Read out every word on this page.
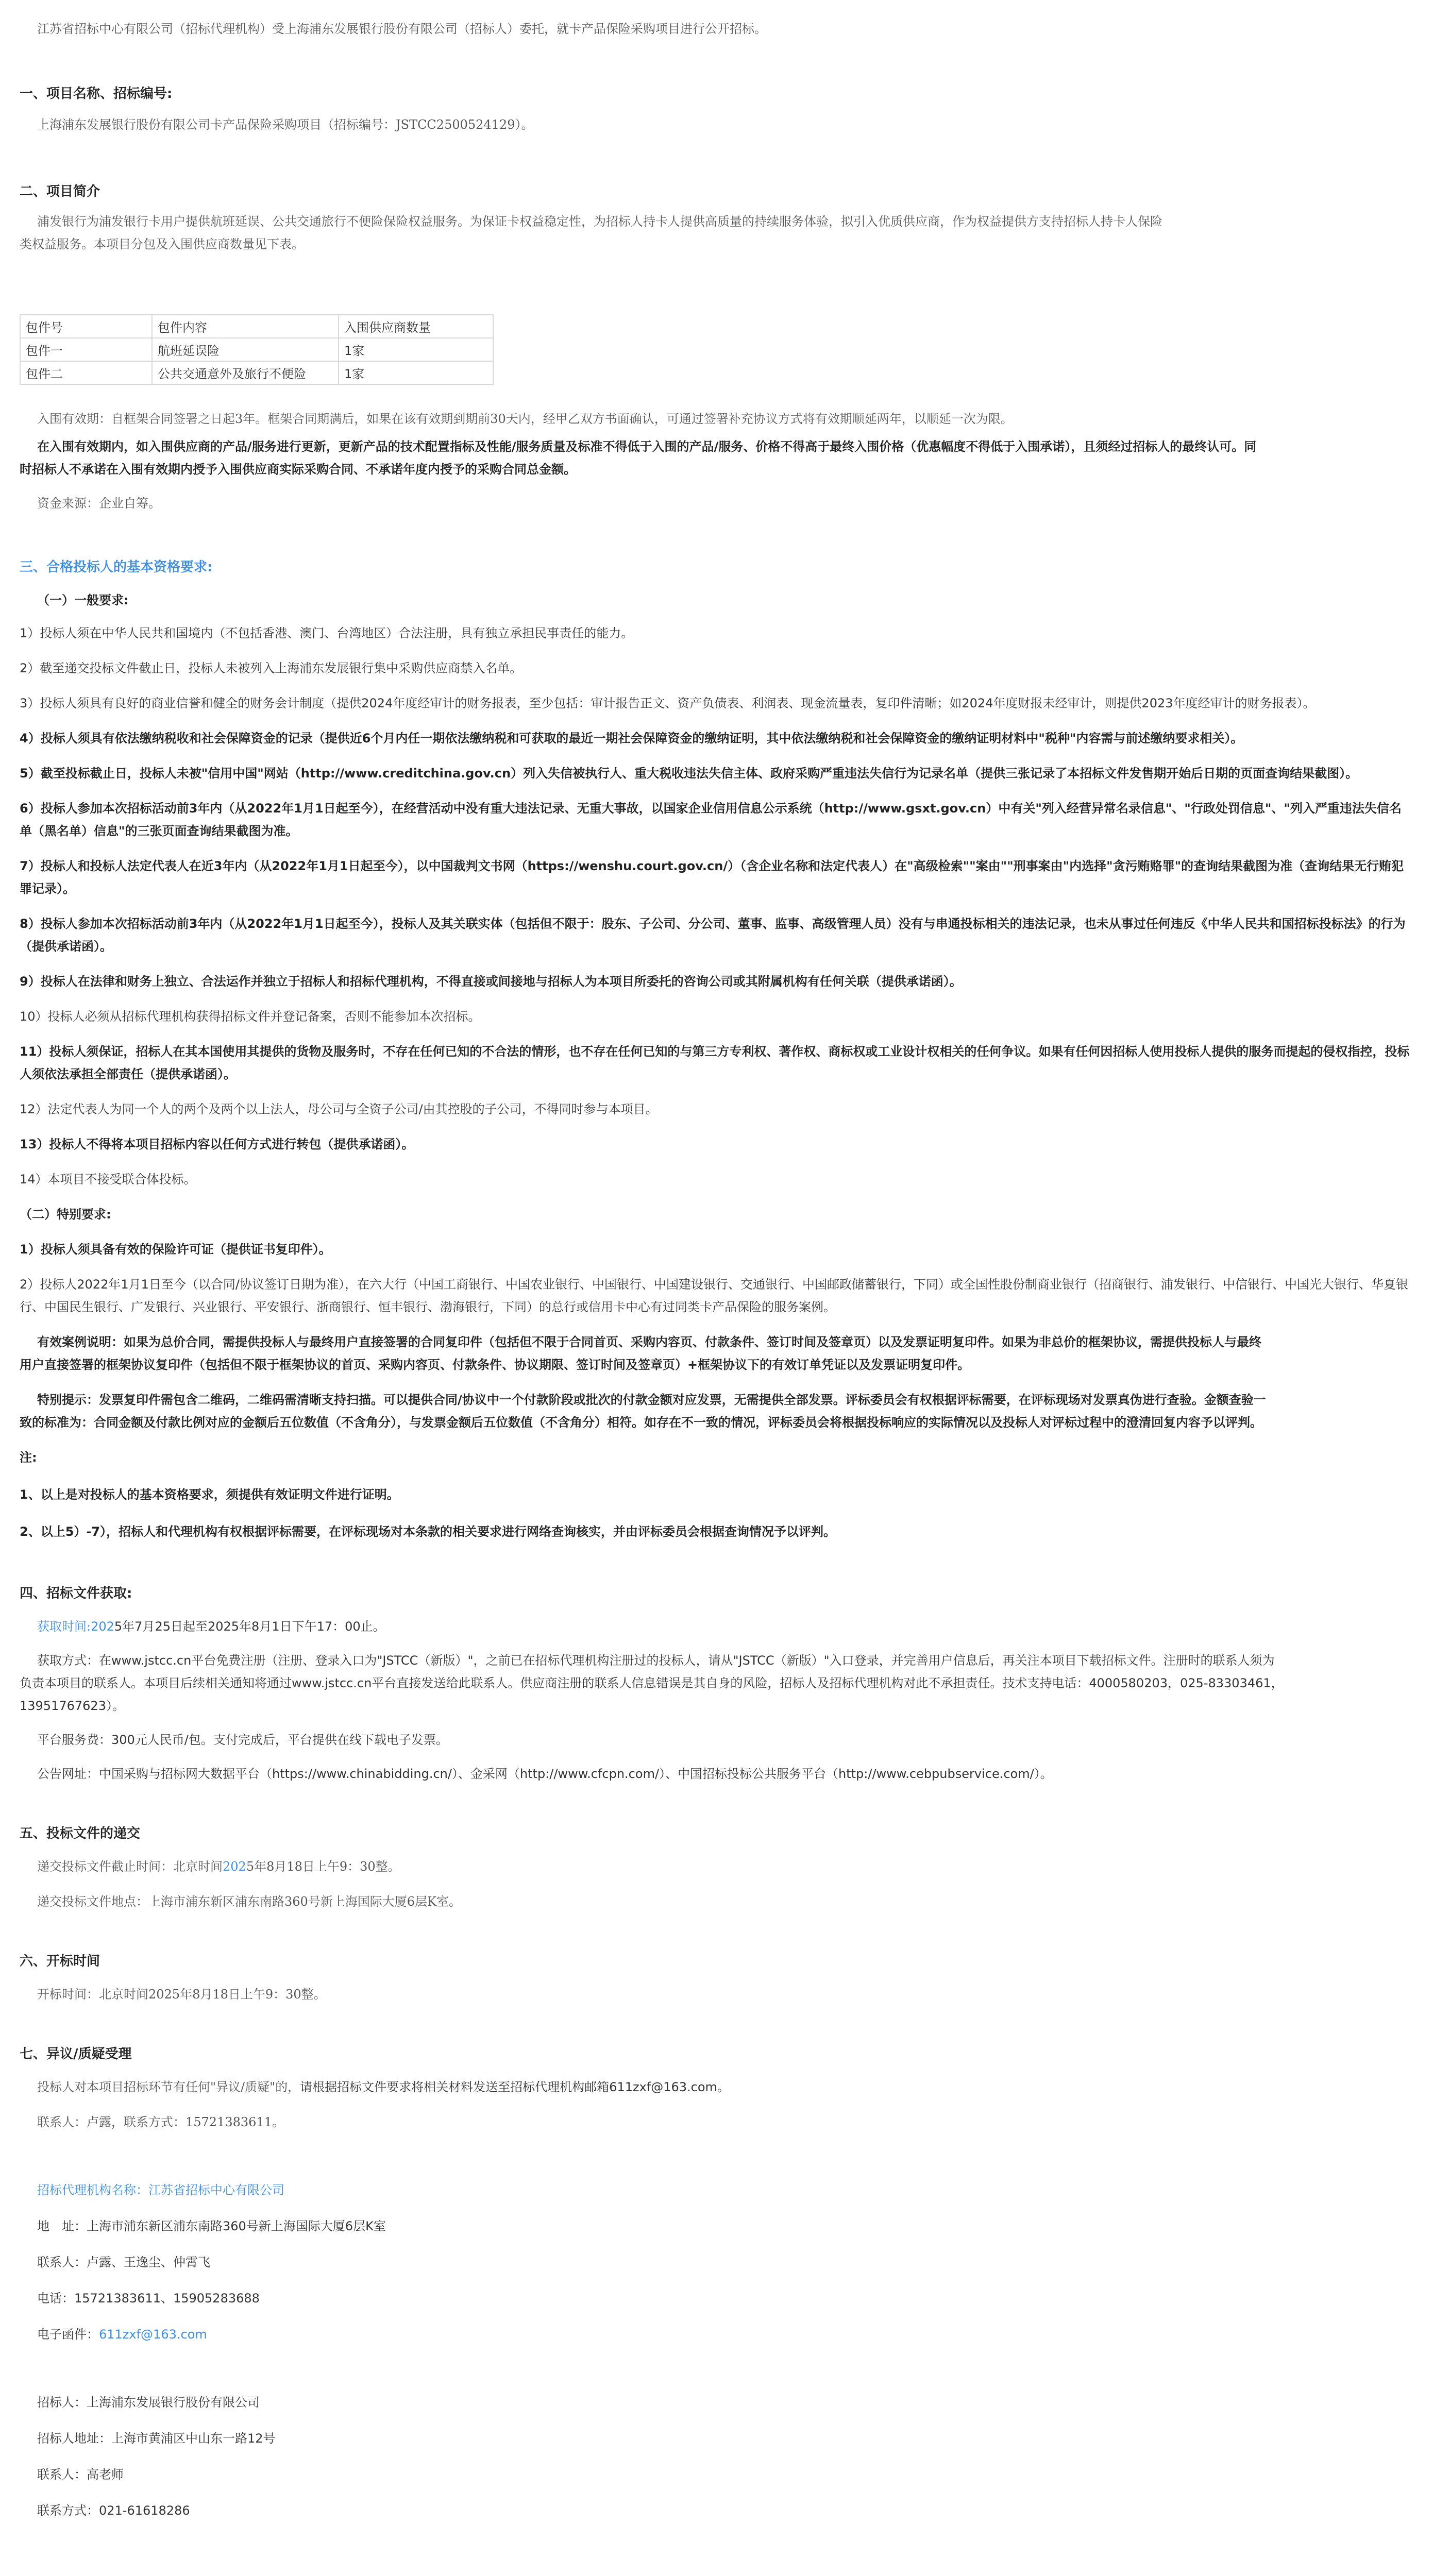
江苏省招标中心有限公司（招标代理机构）受上海浦东发展银行股份有限公司（招标人）委托，就卡产品保险采购项目进行公开招标。

一、项目名称、招标编号:

上海浦东发展银行股份有限公司卡产品保险采购项目（招标编号：JSTCC2500524129）。

二、项目简介

浦发银行为浦发银行卡用户提供航班延误、公共交通旅行不便险保险权益服务。为保证卡权益稳定性，为招标人持卡人提供高质量的持续服务体验，拟引入优质供应商，作为权益提供方支持招标人持卡人保险

类权益服务。本项目分包及入围供应商数量见下表。

包件号	包件内容	入围供应商数量
包件一	航班延误险	1家
包件二	公共交通意外及旅行不便险	1家

入围有效期：自框架合同签署之日起3年。框架合同期满后，如果在该有效期到期前30天内，经甲乙双方书面确认，可通过签署补充协议方式将有效期顺延两年，以顺延一次为限。

在入围有效期内，如入围供应商的产品/服务进行更新，更新产品的技术配置指标及性能/服务质量及标准不得低于入围的产品/服务、价格不得高于最终入围价格（优惠幅度不得低于入围承诺），且须经过招标人的最终认可。同

时招标人不承诺在入围有效期内授予入围供应商实际采购合同、不承诺年度内授予的采购合同总金额。

资金来源：企业自筹。

三、合格投标人的基本资格要求:

（一）一般要求:

1）投标人须在中华人民共和国境内（不包括香港、澳门、台湾地区）合法注册，具有独立承担民事责任的能力。

2）截至递交投标文件截止日，投标人未被列入上海浦东发展银行集中采购供应商禁入名单。

3）投标人须具有良好的商业信誉和健全的财务会计制度（提供2024年度经审计的财务报表，至少包括：审计报告正文、资产负债表、利润表、现金流量表，复印件清晰；如2024年度财报未经审计，则提供2023年度经审计的财务报表）。

4）投标人须具有依法缴纳税收和社会保障资金的记录（提供近6个月内任一期依法缴纳税和可获取的最近一期社会保障资金的缴纳证明，其中依法缴纳税和社会保障资金的缴纳证明材料中"税种"内容需与前述缴纳要求相关）。

5）截至投标截止日，投标人未被"信用中国"网站（http://www.creditchina.gov.cn）列入失信被执行人、重大税收违法失信主体、政府采购严重违法失信行为记录名单（提供三张记录了本招标文件发售期开始后日期的页面查询结果截图）。

6）投标人参加本次招标活动前3年内（从2022年1月1日起至今），在经营活动中没有重大违法记录、无重大事故，以国家企业信用信息公示系统（http://www.gsxt.gov.cn）中有关"列入经营异常名录信息"、"行政处罚信息"、"列入严重违法失信名单（黑名单）信息"的三张页面查询结果截图为准。

7）投标人和投标人法定代表人在近3年内（从2022年1月1日起至今），以中国裁判文书网（https://wenshu.court.gov.cn/）（含企业名称和法定代表人）在"高级检索""案由""刑事案由"内选择"贪污贿赂罪"的查询结果截图为准（查询结果无行贿犯罪记录）。

8）投标人参加本次招标活动前3年内（从2022年1月1日起至今），投标人及其关联实体（包括但不限于：股东、子公司、分公司、董事、监事、高级管理人员）没有与串通投标相关的违法记录，也未从事过任何违反《中华人民共和国招标投标法》的行为（提供承诺函）。

9）投标人在法律和财务上独立、合法运作并独立于招标人和招标代理机构，不得直接或间接地与招标人为本项目所委托的咨询公司或其附属机构有任何关联（提供承诺函）。

10）投标人必须从招标代理机构获得招标文件并登记备案，否则不能参加本次招标。

11）投标人须保证，招标人在其本国使用其提供的货物及服务时，不存在任何已知的不合法的情形，也不存在任何已知的与第三方专利权、著作权、商标权或工业设计权相关的任何争议。如果有任何因招标人使用投标人提供的服务而提起的侵权指控，投标人须依法承担全部责任（提供承诺函）。

12）法定代表人为同一个人的两个及两个以上法人，母公司与全资子公司/由其控股的子公司，不得同时参与本项目。

13）投标人不得将本项目招标内容以任何方式进行转包（提供承诺函）。

14）本项目不接受联合体投标。

（二）特别要求:

1）投标人须具备有效的保险许可证（提供证书复印件）。

2）投标人2022年1月1日至今（以合同/协议签订日期为准），在六大行（中国工商银行、中国农业银行、中国银行、中国建设银行、交通银行、中国邮政储蓄银行，下同）或全国性股份制商业银行（招商银行、浦发银行、中信银行、中国光大银行、华夏银行、中国民生银行、广发银行、兴业银行、平安银行、浙商银行、恒丰银行、渤海银行，下同）的总行或信用卡中心有过同类卡产品保险的服务案例。

有效案例说明：如果为总价合同，需提供投标人与最终用户直接签署的合同复印件（包括但不限于合同首页、采购内容页、付款条件、签订时间及签章页）以及发票证明复印件。如果为非总价的框架协议，需提供投标人与最终

用户直接签署的框架协议复印件（包括但不限于框架协议的首页、采购内容页、付款条件、协议期限、签订时间及签章页）+框架协议下的有效订单凭证以及发票证明复印件。

特别提示：发票复印件需包含二维码，二维码需清晰支持扫描。可以提供合同/协议中一个付款阶段或批次的付款金额对应发票，无需提供全部发票。评标委员会有权根据评标需要，在评标现场对发票真伪进行查验。金额查验一

致的标准为：合同金额及付款比例对应的金额后五位数值（不含角分），与发票金额后五位数值（不含角分）相符。如存在不一致的情况，评标委员会将根据投标响应的实际情况以及投标人对评标过程中的澄清回复内容予以评判。

注:

1、以上是对投标人的基本资格要求，须提供有效证明文件进行证明。

2、以上5）-7），招标人和代理机构有权根据评标需要，在评标现场对本条款的相关要求进行网络查询核实，并由评标委员会根据查询情况予以评判。

四、招标文件获取:

获取时间:2025年7月25日起至2025年8月1日下午17：00止。

获取方式：在www.jstcc.cn平台免费注册（注册、登录入口为"JSTCC（新版）"，之前已在招标代理机构注册过的投标人，请从"JSTCC（新版）"入口登录，并完善用户信息后，再关注本项目下载招标文件。注册时的联系人须为

负责本项目的联系人。本项目后续相关通知将通过www.jstcc.cn平台直接发送给此联系人。供应商注册的联系人信息错误是其自身的风险，招标人及招标代理机构对此不承担责任。技术支持电话：4000580203，025-83303461，

13951767623）。

平台服务费：300元人民币/包。支付完成后，平台提供在线下载电子发票。

公告网址：中国采购与招标网大数据平台（https://www.chinabidding.cn/）、金采网（http://www.cfcpn.com/）、中国招标投标公共服务平台（http://www.cebpubservice.com/）。

五、投标文件的递交

递交投标文件截止时间：北京时间2025年8月18日上午9：30整。

递交投标文件地点：上海市浦东新区浦东南路360号新上海国际大厦6层K室。

六、开标时间

开标时间：北京时间2025年8月18日上午9：30整。

七、异议/质疑受理

投标人对本项目招标环节有任何"异议/质疑"的，请根据招标文件要求将相关材料发送至招标代理机构邮箱611zxf@163.com。

联系人：卢露，联系方式：15721383611。

招标代理机构名称：江苏省招标中心有限公司

地　址：上海市浦东新区浦东南路360号新上海国际大厦6层K室

联系人：卢露、王逸尘、仲霄飞

电话：15721383611、15905283688

电子函件：611zxf@163.com

招标人：上海浦东发展银行股份有限公司

招标人地址：上海市黄浦区中山东一路12号

联系人：高老师

联系方式：021-61618286
